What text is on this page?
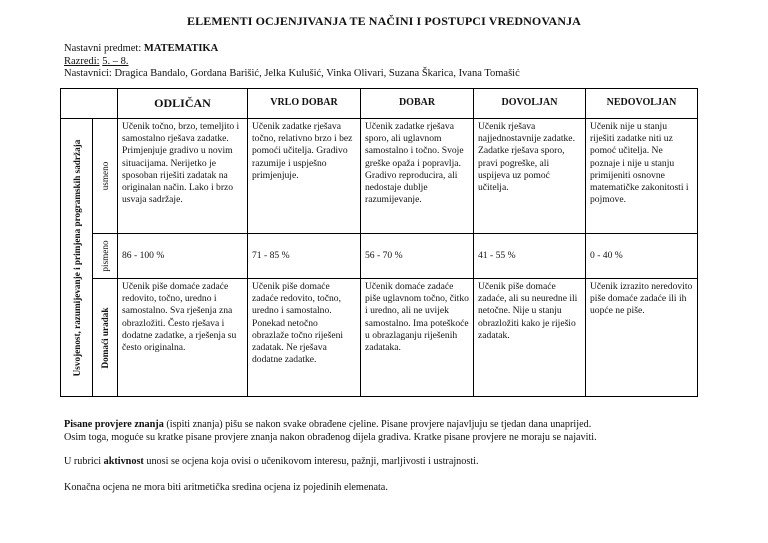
ELEMENTI OCJENJIVANJA TE NAČINI I POSTUPCI VREDNOVANJA
Nastavni predmet: MATEMATIKA
Razredi: 5. – 8.
Nastavnici: Dragica Bandalo, Gordana Barišić, Jelka Kulušić, Vinka Olivari, Suzana Škarica, Ivana Tomašić
		ODLIČAN	VRLO DOBAR	DOBAR	DOVOLJAN	NEDOVOLJAN

Usvojenost, razumijevanje i primjena programskih sadržaja	usmeno	Učenik točno, brzo, temeljito i samostalno rješava zadatke. Primjenjuje gradivo u novim situacijama. Nerijetko je sposoban riješiti zadatak na originalan način. Lako i brzo usvaja sadržaje.	Učenik zadatke rješava točno, relativno brzo i bez pomoći učitelja. Gradivo razumije i uspješno primjenjuje.	Učenik zadatke rješava sporo, ali uglavnom samostalno i točno. Svoje greške opaža i popravlja. Gradivo reproducira, ali nedostaje dublje razumijevanje.	Učenik rješava najjednostavnije zadatke. Zadatke rješava sporo, pravi pogreške, ali uspijeva uz pomoć učitelja.	Učenik nije u stanju riješiti zadatke niti uz pomoć učitelja. Ne poznaje i nije u stanju primijeniti osnovne matematičke zakonitosti i pojmove.

	pismeno	86 - 100 %	71 - 85 %	56 - 70 %	41 - 55 %	0 - 40 %

	Domaći uradak	Učenik piše domaće zadaće redovito, točno, uredno i samostalno. Sva rješenja zna obrazložiti. Često rješava i dodatne zadatke, a rješenja su često originalna.	Učenik piše domaće zadaće redovito, točno, uredno i samostalno. Ponekad netočno obrazlaže točno riješeni zadatak. Ne rješava dodatne zadatke.	Učenik domaće zadaće piše uglavnom točno, čitko i uredno, ali ne uvijek samostalno. Ima poteškoće u obrazlaganju riješenih zadataka.	Učenik piše domaće zadaće, ali su neuredne ili netočne. Nije u stanju obrazložiti kako je riješio zadatak.	Učenik izrazito neredovito piše domaće zadaće ili ih uopće ne piše.
Pisane provjere znanja (ispiti znanja) pišu se nakon svake obrađene cjeline. Pisane provjere najavljuju se tjedan dana unaprijed.
Osim toga, moguće su kratke pisane provjere znanja nakon obrađenog dijela gradiva. Kratke pisane provjere ne moraju se najaviti.
U rubrici aktivnost unosi se ocjena koja ovisi o učenikovom interesu, pažnji, marljivosti i ustrajnosti.
Konačna ocjena ne mora biti aritmetička sredina ocjena iz pojedinih elemenata.
